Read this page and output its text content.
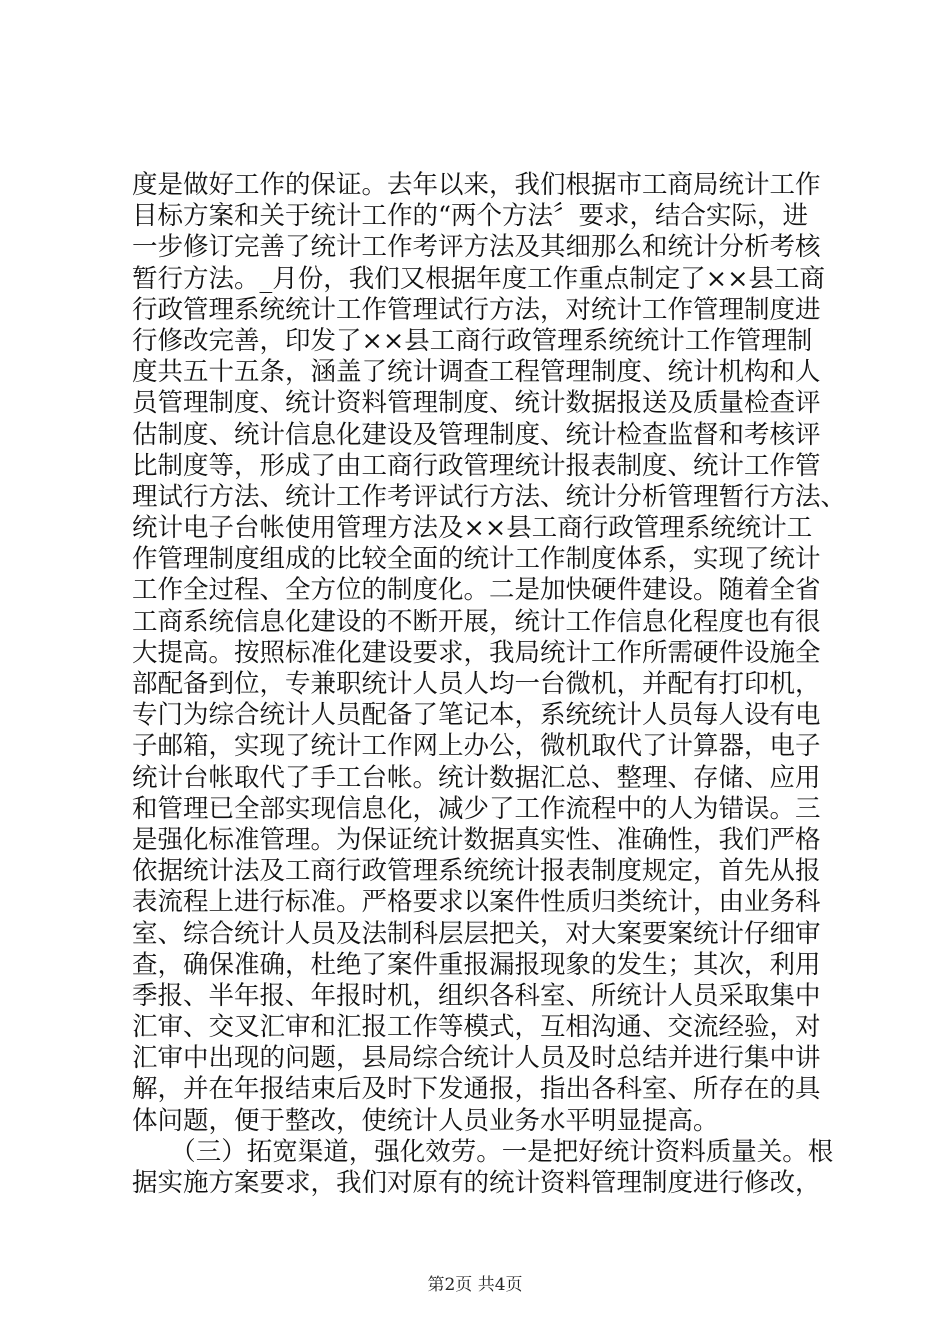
度是做好工作的保证。去年以来，我们根据市工商局统计工作
目标方案和关于统计工作的“两个方法〞要求，结合实际，进
一步修订完善了统计工作考评方法及其细那么和统计分析考核
暂行方法。_月份，我们又根据年度工作重点制定了××县工商
行政管理系统统计工作管理试行方法，对统计工作管理制度进
行修改完善，印发了××县工商行政管理系统统计工作管理制
度共五十五条，涵盖了统计调查工程管理制度、统计机构和人
员管理制度、统计资料管理制度、统计数据报送及质量检查评
估制度、统计信息化建设及管理制度、统计检查监督和考核评
比制度等，形成了由工商行政管理统计报表制度、统计工作管
理试行方法、统计工作考评试行方法、统计分析管理暂行方法、
统计电子台帐使用管理方法及××县工商行政管理系统统计工
作管理制度组成的比较全面的统计工作制度体系，实现了统计
工作全过程、全方位的制度化。二是加快硬件建设。随着全省
工商系统信息化建设的不断开展，统计工作信息化程度也有很
大提高。按照标准化建设要求，我局统计工作所需硬件设施全
部配备到位，专兼职统计人员人均一台微机，并配有打印机，
专门为综合统计人员配备了笔记本，系统统计人员每人设有电
子邮箱，实现了统计工作网上办公，微机取代了计算器，电子
统计台帐取代了手工台帐。统计数据汇总、整理、存储、应用
和管理已全部实现信息化，减少了工作流程中的人为错误。三
是强化标准管理。为保证统计数据真实性、准确性，我们严格
依据统计法及工商行政管理系统统计报表制度规定，首先从报
表流程上进行标准。严格要求以案件性质归类统计，由业务科
室、综合统计人员及法制科层层把关，对大案要案统计仔细审
查，确保准确，杜绝了案件重报漏报现象的发生；其次，利用
季报、半年报、年报时机，组织各科室、所统计人员采取集中
汇审、交叉汇审和汇报工作等模式，互相沟通、交流经验，对
汇审中出现的问题，县局综合统计人员及时总结并进行集中讲
解，并在年报结束后及时下发通报，指出各科室、所存在的具
体问题，便于整改，使统计人员业务水平明显提高。
　　（三）拓宽渠道，强化效劳。一是把好统计资料质量关。根
据实施方案要求，我们对原有的统计资料管理制度进行修改，
第2页 共4页
